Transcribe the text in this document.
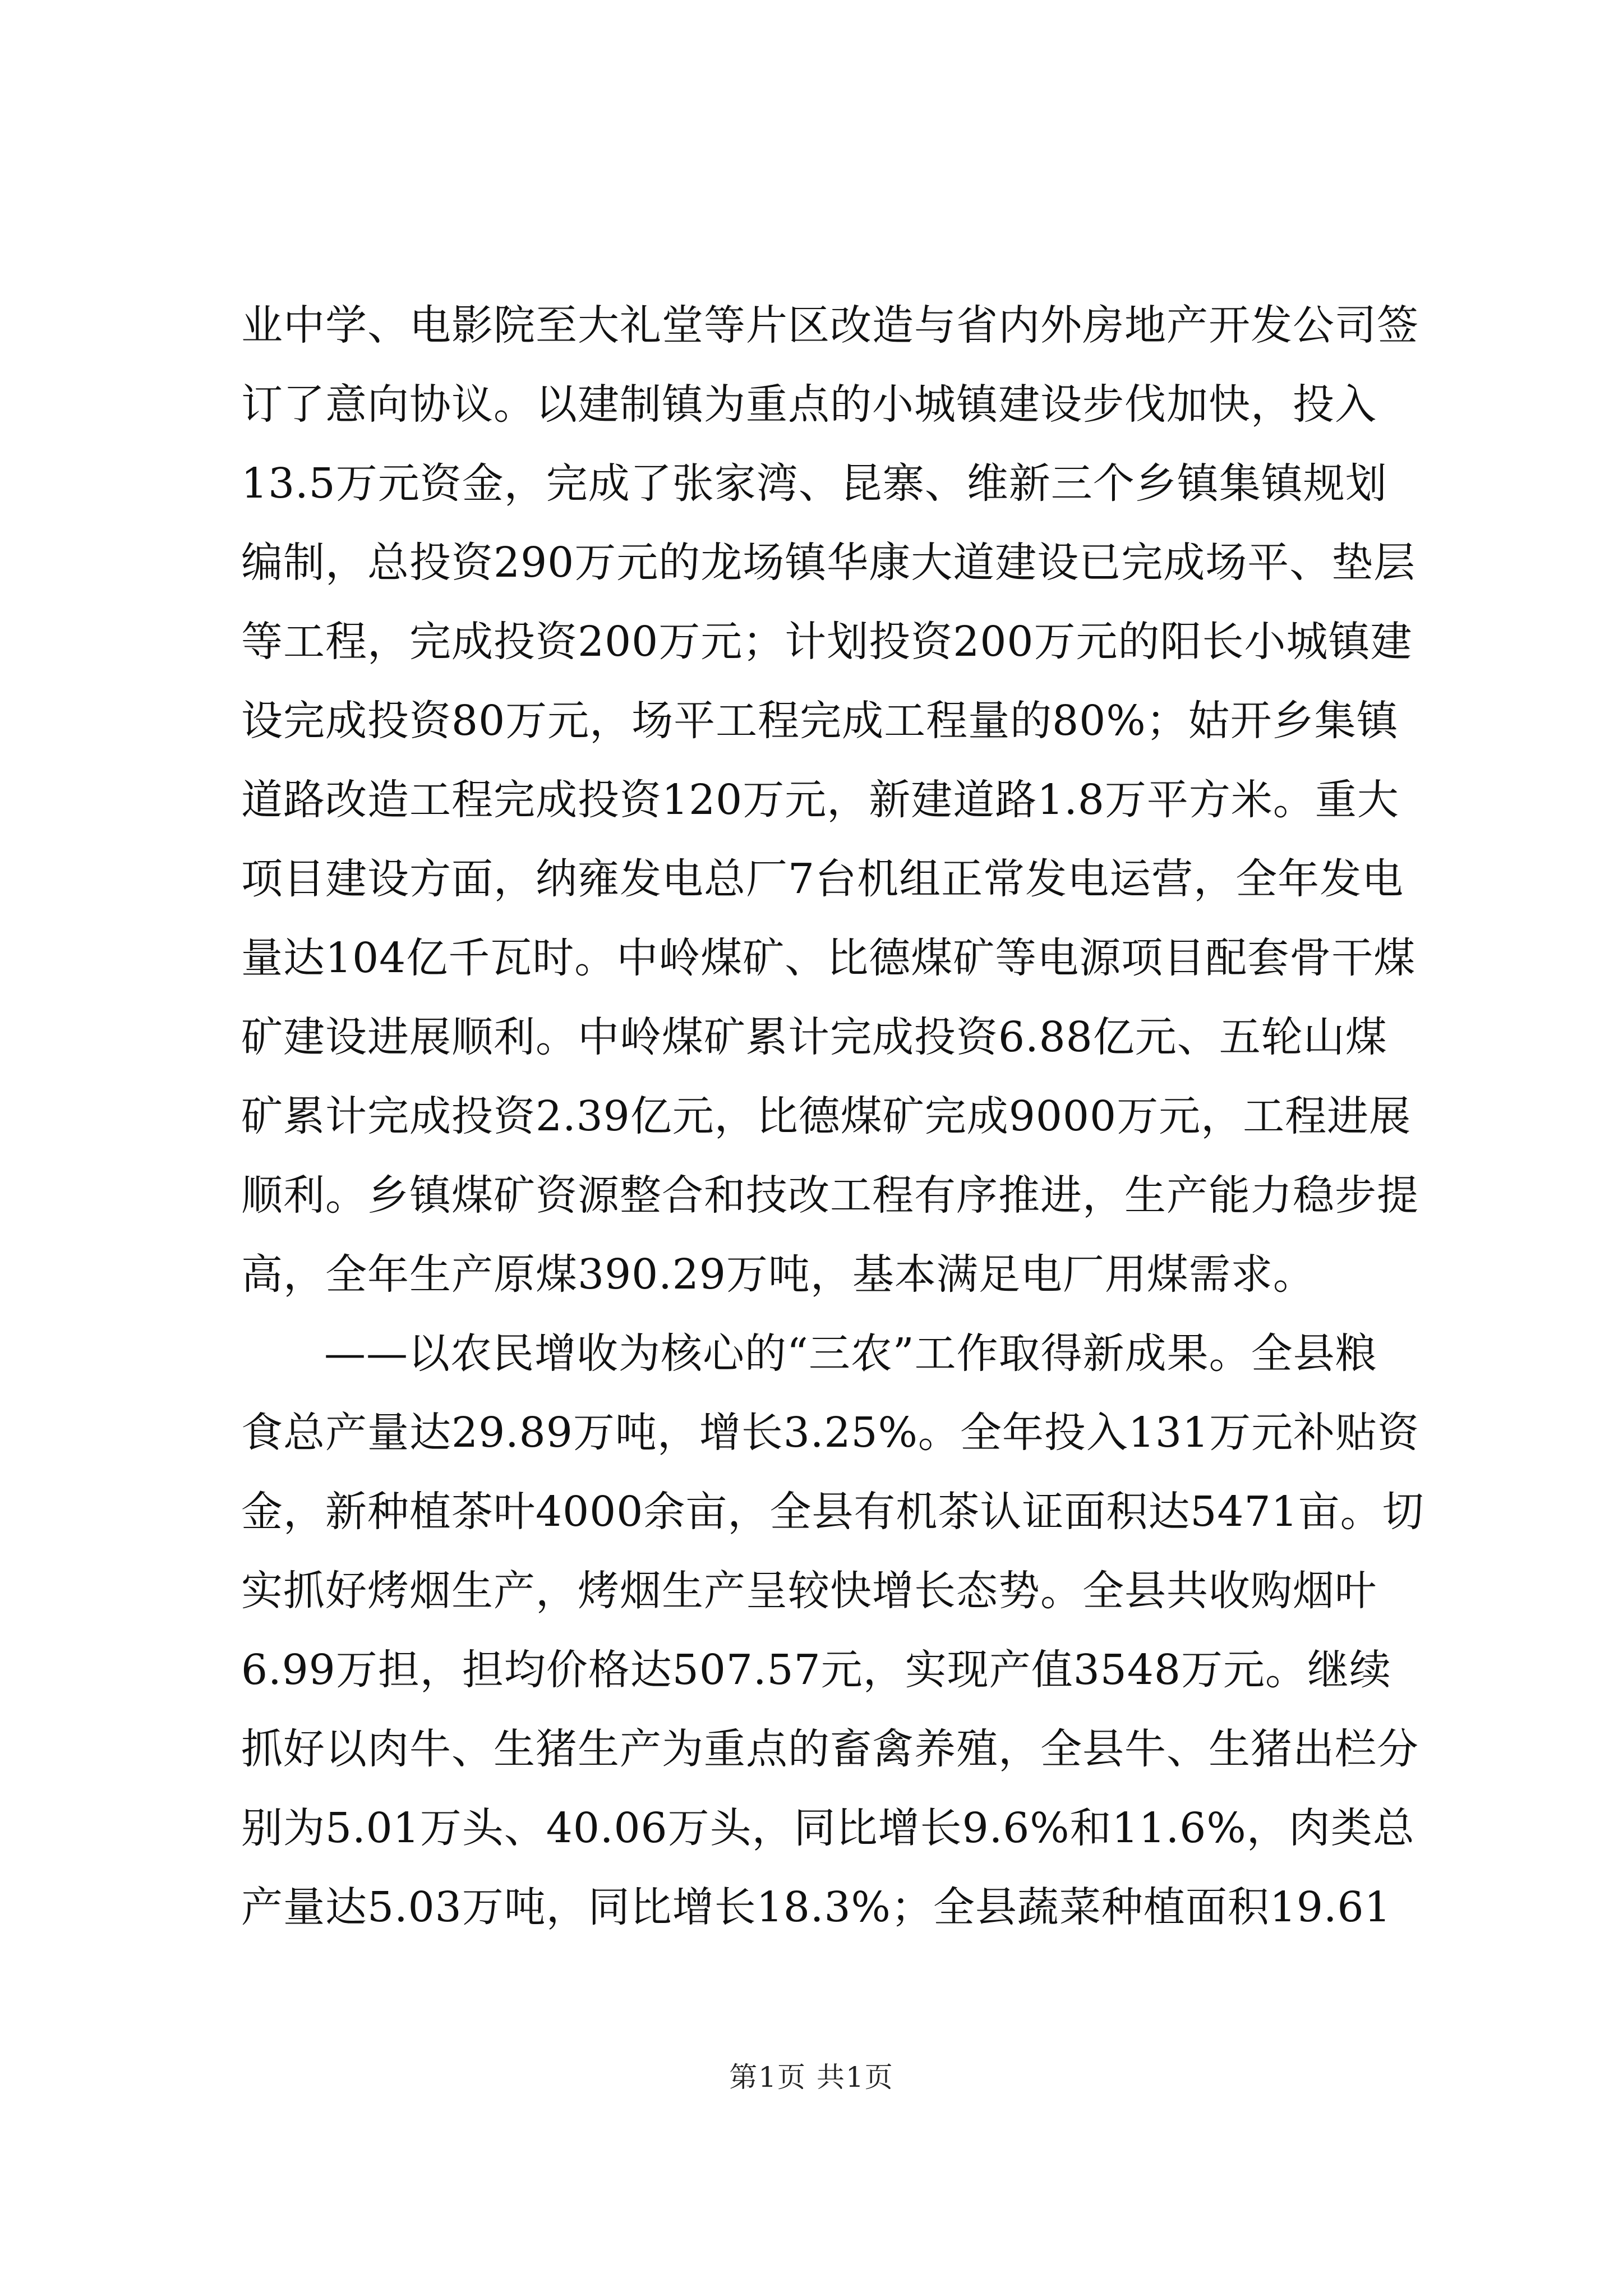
业中学、电影院至大礼堂等片区改造与省内外房地产开发公司签
订了意向协议。以建制镇为重点的小城镇建设步伐加快，投入
13.5万元资金，完成了张家湾、昆寨、维新三个乡镇集镇规划
编制，总投资290万元的龙场镇华康大道建设已完成场平、垫层
等工程，完成投资200万元；计划投资200万元的阳长小城镇建
设完成投资80万元，场平工程完成工程量的80%；姑开乡集镇
道路改造工程完成投资120万元，新建道路1.8万平方米。重大
项目建设方面，纳雍发电总厂7台机组正常发电运营，全年发电
量达104亿千瓦时。中岭煤矿、比德煤矿等电源项目配套骨干煤
矿建设进展顺利。中岭煤矿累计完成投资6.88亿元、五轮山煤
矿累计完成投资2.39亿元，比德煤矿完成9000万元，工程进展
顺利。乡镇煤矿资源整合和技改工程有序推进，生产能力稳步提
高，全年生产原煤390.29万吨，基本满足电厂用煤需求。
——以农民增收为核心的“三农”工作取得新成果。全县粮
食总产量达29.89万吨，增长3.25%。全年投入131万元补贴资
金，新种植茶叶4000余亩，全县有机茶认证面积达5471亩。切
实抓好烤烟生产，烤烟生产呈较快增长态势。全县共收购烟叶
6.99万担，担均价格达507.57元，实现产值3548万元。继续
抓好以肉牛、生猪生产为重点的畜禽养殖，全县牛、生猪出栏分
别为5.01万头、40.06万头，同比增长9.6%和11.6%，肉类总
产量达5.03万吨，同比增长18.3%；全县蔬菜种植面积19.61
第1页 共1页
